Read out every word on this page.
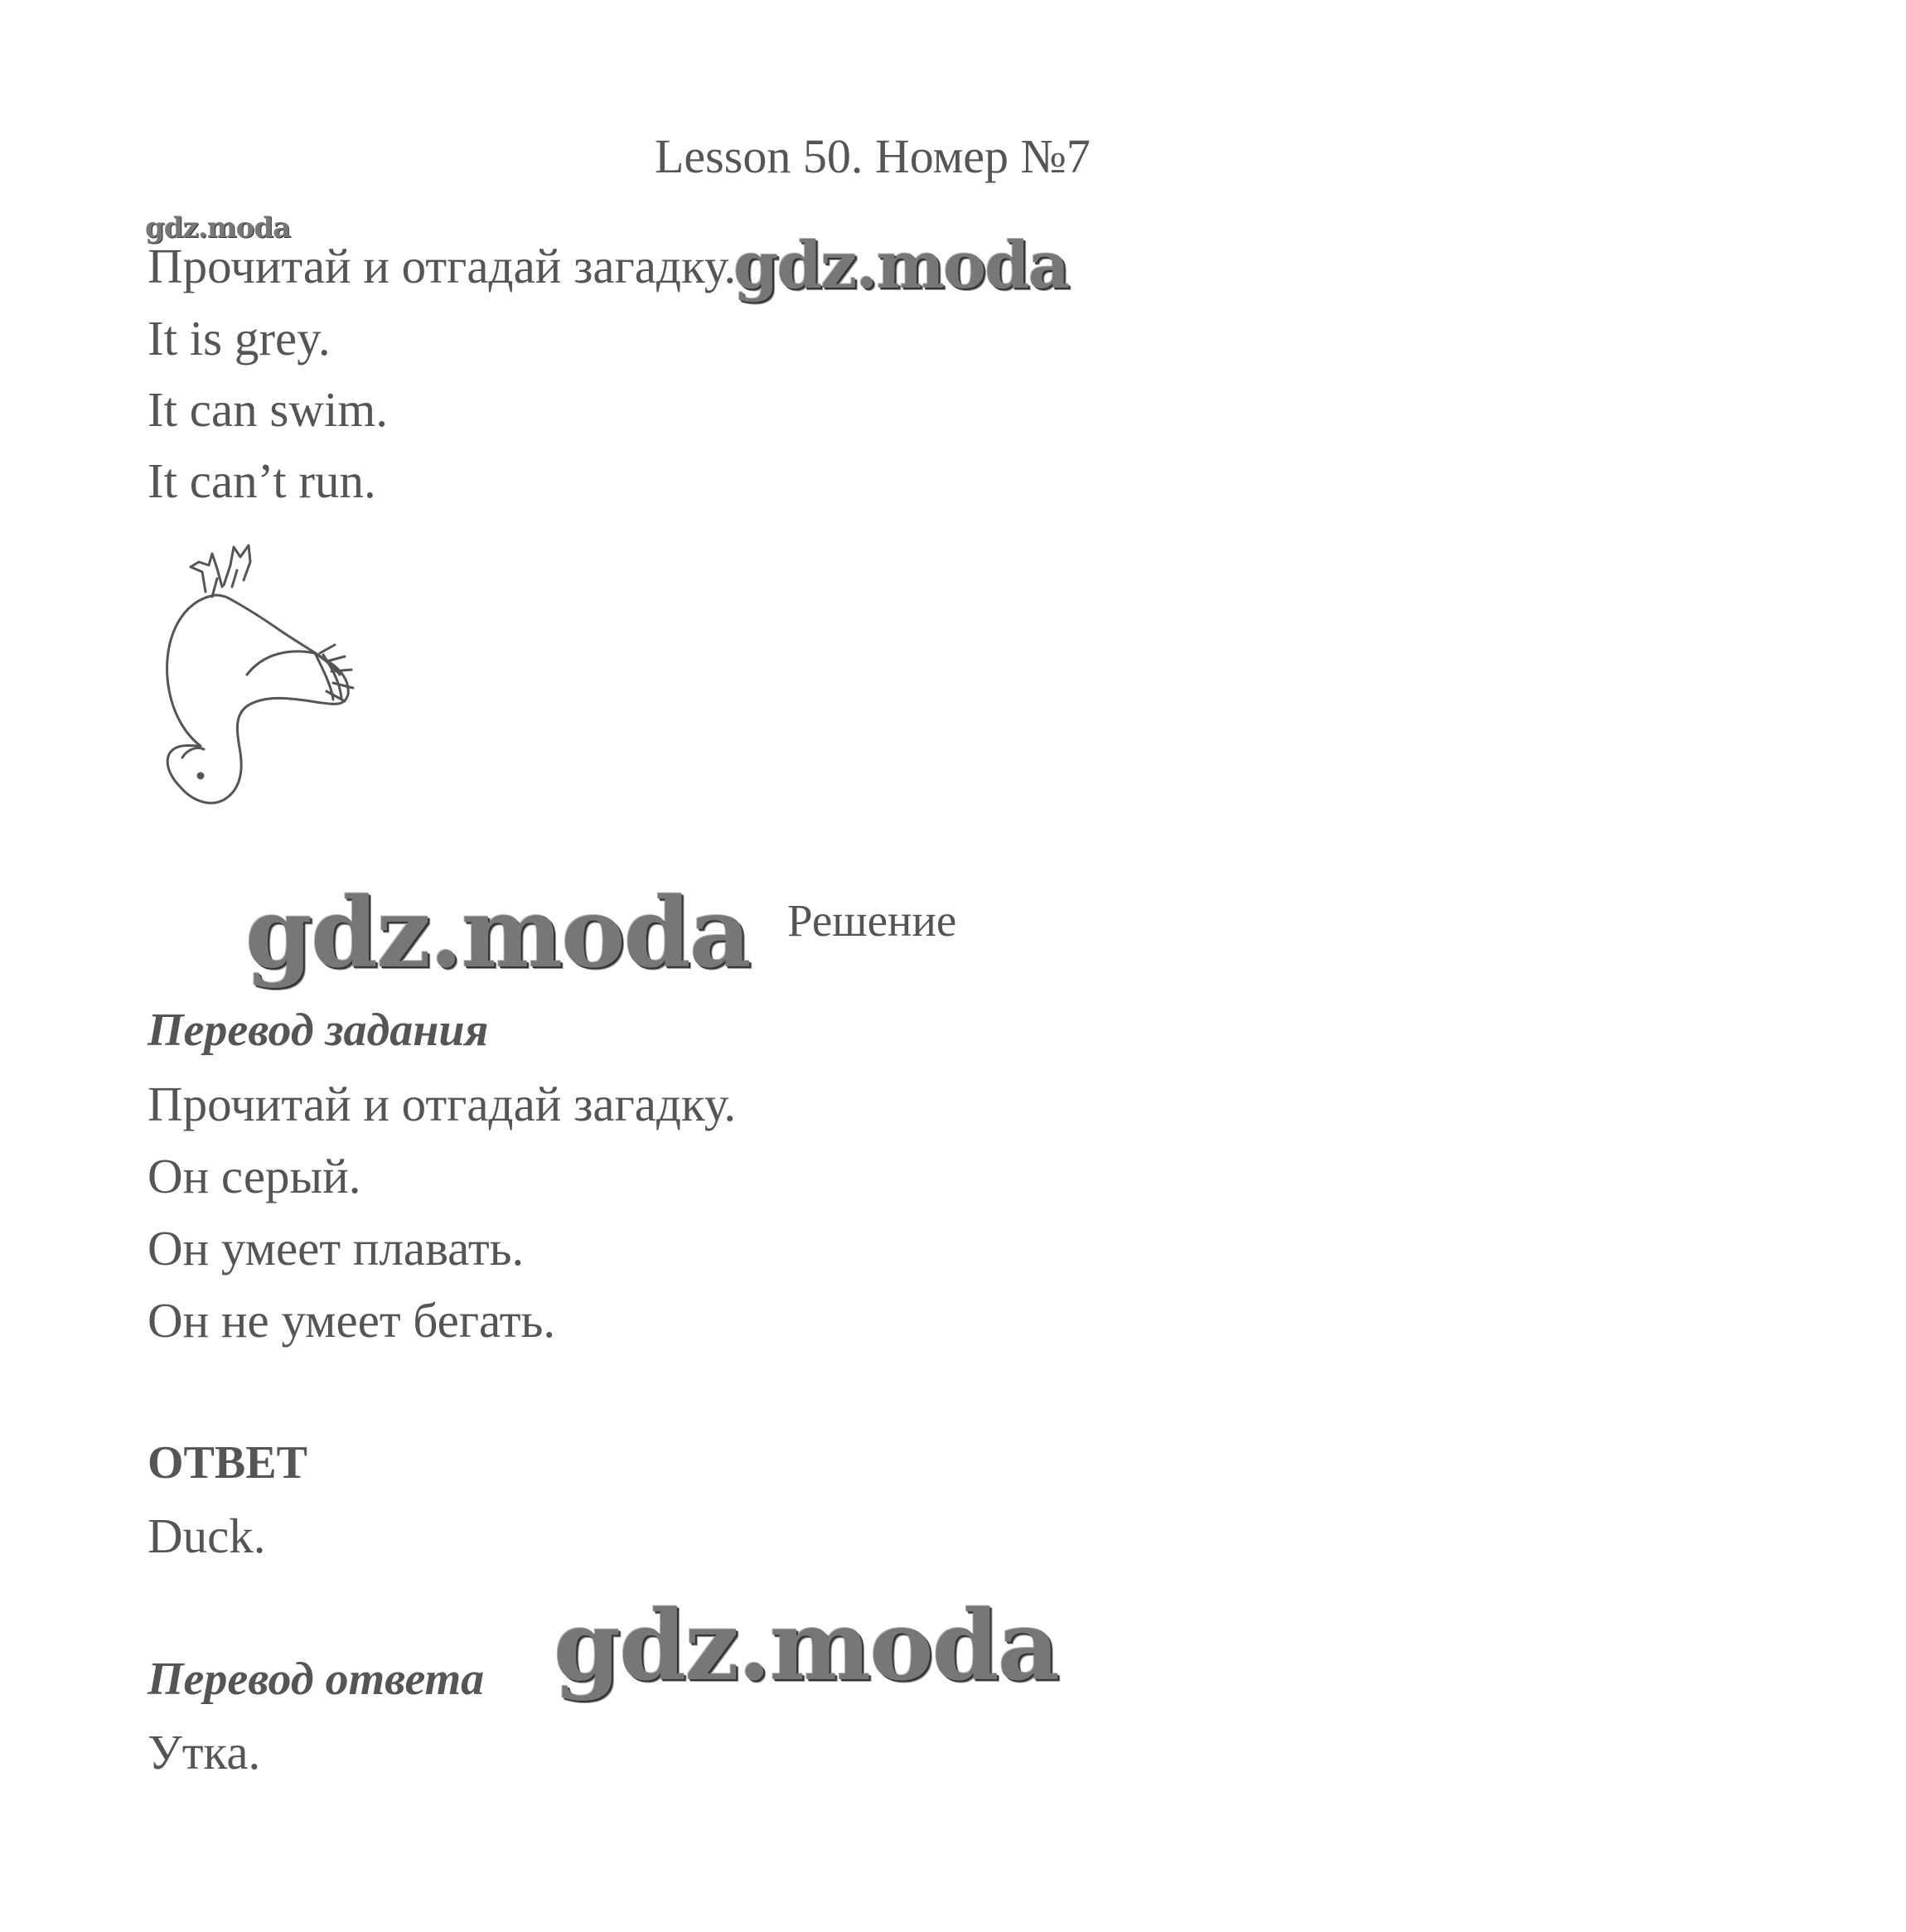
Lesson 50. Номер №7
gdz.moda
Прочитай и отгадай загадку.
gdz.moda
It is grey.
It can swim.
It can’t run.
gdz.moda Решение
Перевод задания
Прочитай и отгадай загадку.
Он серый.
Он умеет плавать.
Он не умеет бегать.
ОТВЕТ
Duck.
Перевод ответа gdz.moda
Утка.
